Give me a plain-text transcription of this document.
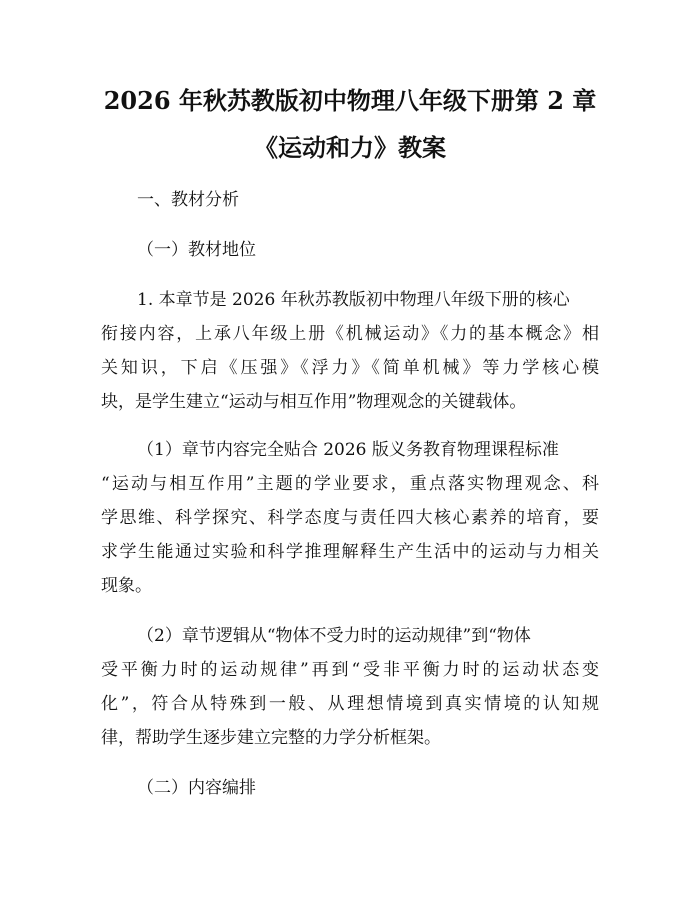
2026 年秋苏教版初中物理八年级下册第 2 章
《运动和力》教案
一、教材分析
（一）教材地位
1. 本章节是 2026 年秋苏教版初中物理八年级下册的核心
衔接内容，上承八年级上册《机械运动》《力的基本概念》相
关知识，下启《压强》《浮力》《简单机械》等力学核心模
块，是学生建立“运动与相互作用”物理观念的关键载体。
（1）章节内容完全贴合 2026 版义务教育物理课程标准
“运动与相互作用”主题的学业要求，重点落实物理观念、科
学思维、科学探究、科学态度与责任四大核心素养的培育，要
求学生能通过实验和科学推理解释生产生活中的运动与力相关
现象。
（2）章节逻辑从“物体不受力时的运动规律”到“物体
受平衡力时的运动规律”再到“受非平衡力时的运动状态变
化”，符合从特殊到一般、从理想情境到真实情境的认知规
律，帮助学生逐步建立完整的力学分析框架。
（二）内容编排
